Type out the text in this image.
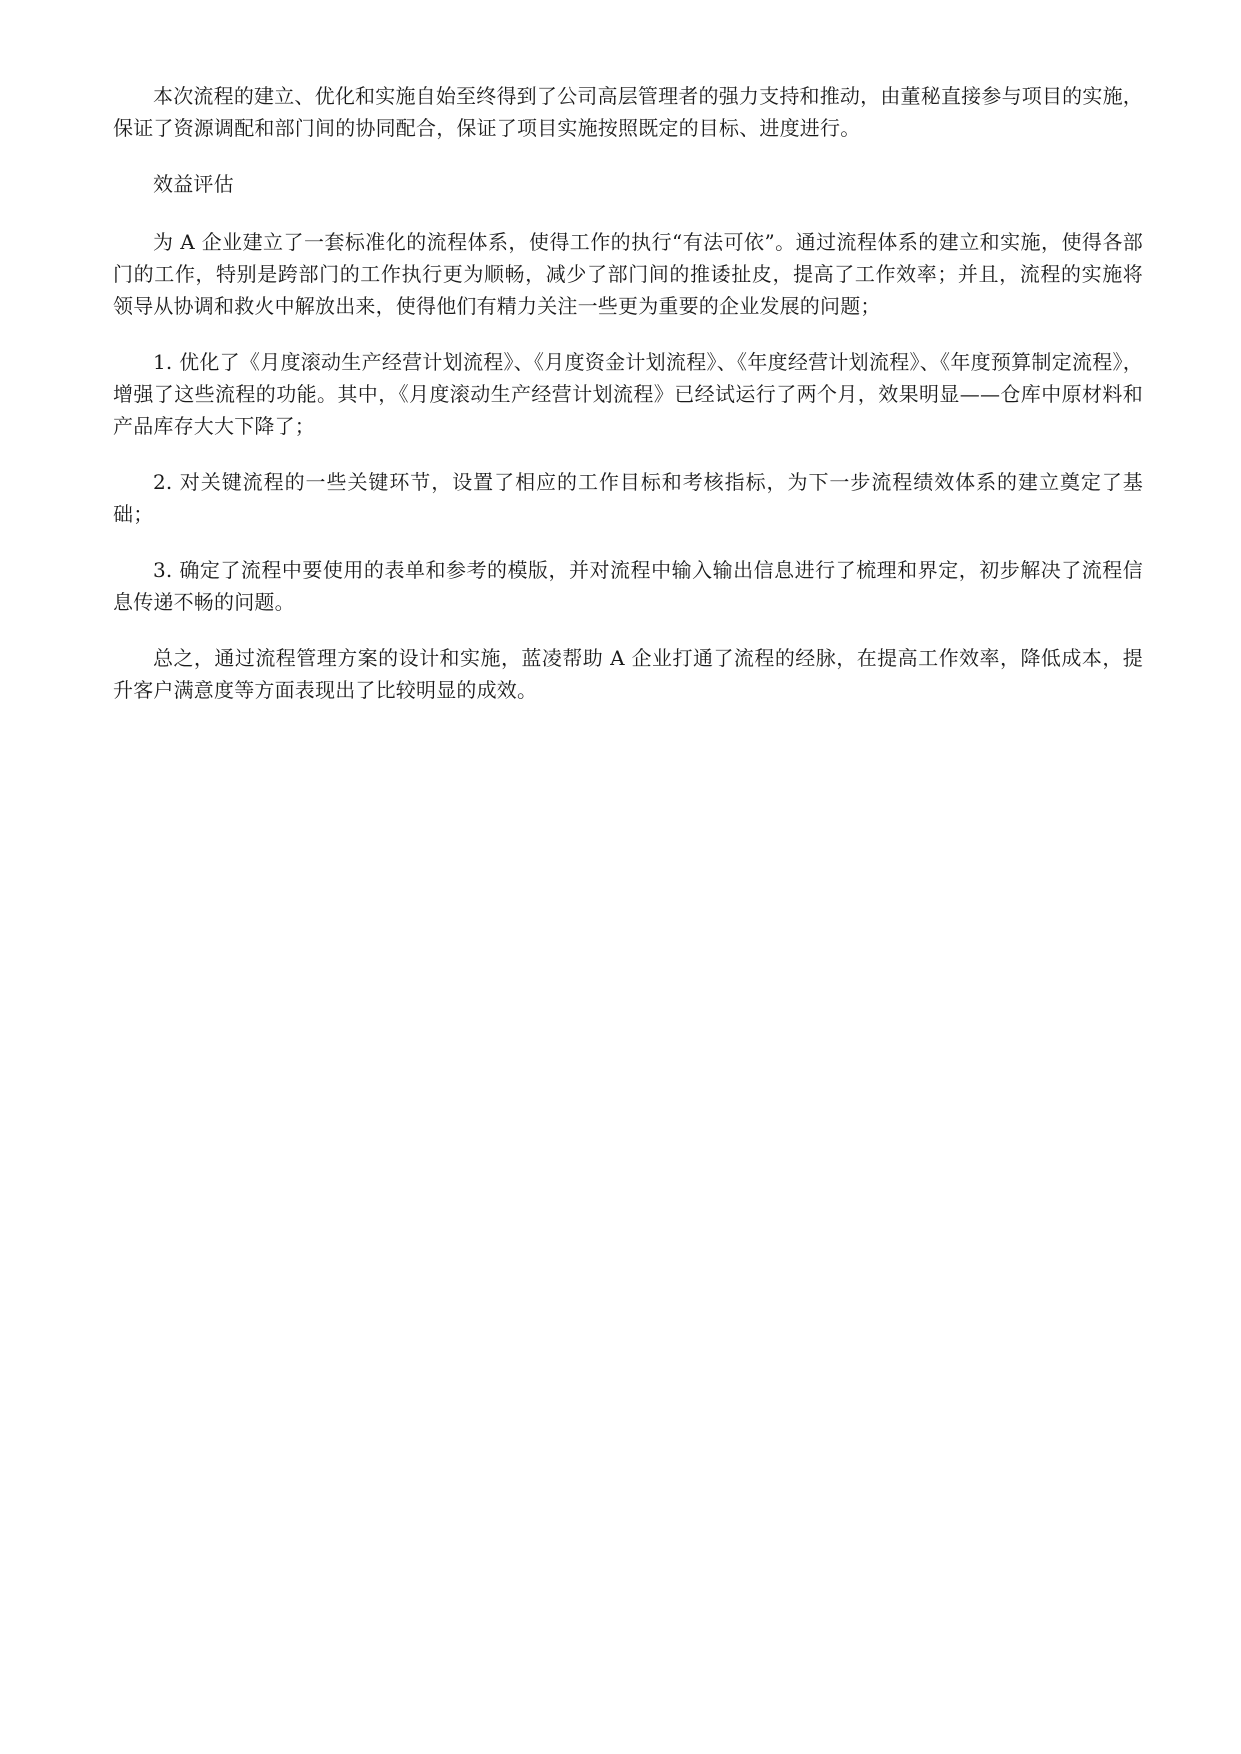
本次流程的建立、优化和实施自始至终得到了公司高层管理者的强力支持和推动，由董秘直接参与项目的实施，保证了资源调配和部门间的协同配合，保证了项目实施按照既定的目标、进度进行。

效益评估

为 A 企业建立了一套标准化的流程体系，使得工作的执行“有法可依”。通过流程体系的建立和实施，使得各部门的工作，特别是跨部门的工作执行更为顺畅，减少了部门间的推诿扯皮，提高了工作效率；并且，流程的实施将领导从协调和救火中解放出来，使得他们有精力关注一些更为重要的企业发展的问题；

1. 优化了《月度滚动生产经营计划流程》、《月度资金计划流程》、《年度经营计划流程》、《年度预算制定流程》，增强了这些流程的功能。其中，《月度滚动生产经营计划流程》已经试运行了两个月，效果明显——仓库中原材料和产品库存大大下降了；

2. 对关键流程的一些关键环节，设置了相应的工作目标和考核指标，为下一步流程绩效体系的建立奠定了基础；

3. 确定了流程中要使用的表单和参考的模版，并对流程中输入输出信息进行了梳理和界定，初步解决了流程信息传递不畅的问题。

总之，通过流程管理方案的设计和实施，蓝凌帮助 A 企业打通了流程的经脉，在提高工作效率，降低成本，提升客户满意度等方面表现出了比较明显的成效。
